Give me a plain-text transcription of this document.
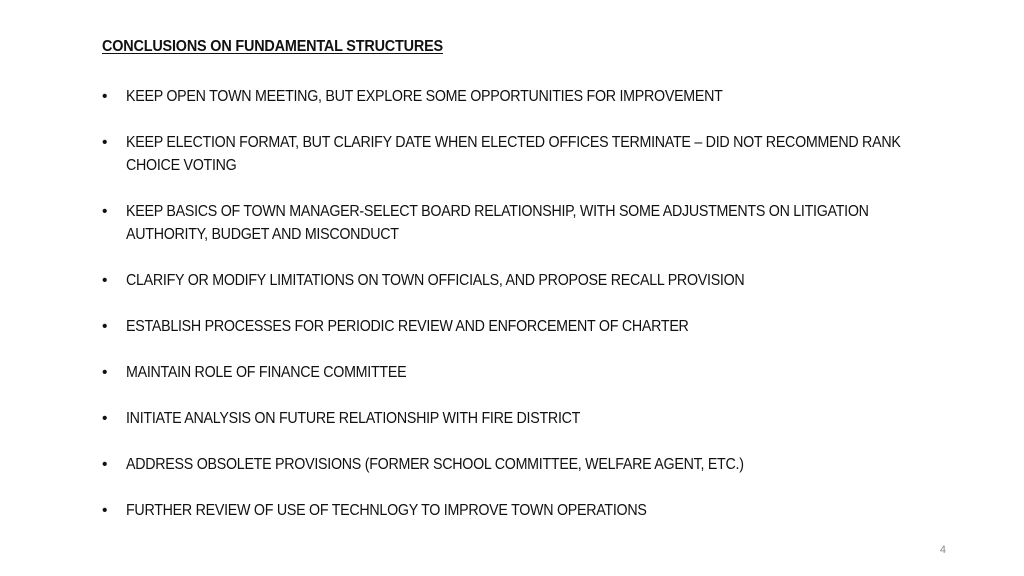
CONCLUSIONS ON FUNDAMENTAL STRUCTURES
•	KEEP OPEN TOWN MEETING, BUT EXPLORE SOME OPPORTUNITIES FOR IMPROVEMENT
•	KEEP ELECTION FORMAT, BUT CLARIFY DATE WHEN ELECTED OFFICES TERMINATE – DID NOT RECOMMEND RANK CHOICE VOTING
•	KEEP BASICS OF TOWN MANAGER-SELECT BOARD RELATIONSHIP, WITH SOME ADJUSTMENTS ON LITIGATION AUTHORITY, BUDGET AND MISCONDUCT
•	CLARIFY OR MODIFY LIMITATIONS ON TOWN OFFICIALS, AND PROPOSE RECALL PROVISION
•	ESTABLISH PROCESSES FOR PERIODIC REVIEW AND ENFORCEMENT OF CHARTER
•	MAINTAIN ROLE OF FINANCE COMMITTEE
•	INITIATE ANALYSIS ON FUTURE RELATIONSHIP WITH FIRE DISTRICT
•	ADDRESS OBSOLETE PROVISIONS (FORMER SCHOOL COMMITTEE, WELFARE AGENT, ETC.)
•	FURTHER REVIEW OF USE OF TECHNLOGY TO IMPROVE TOWN OPERATIONS
4
